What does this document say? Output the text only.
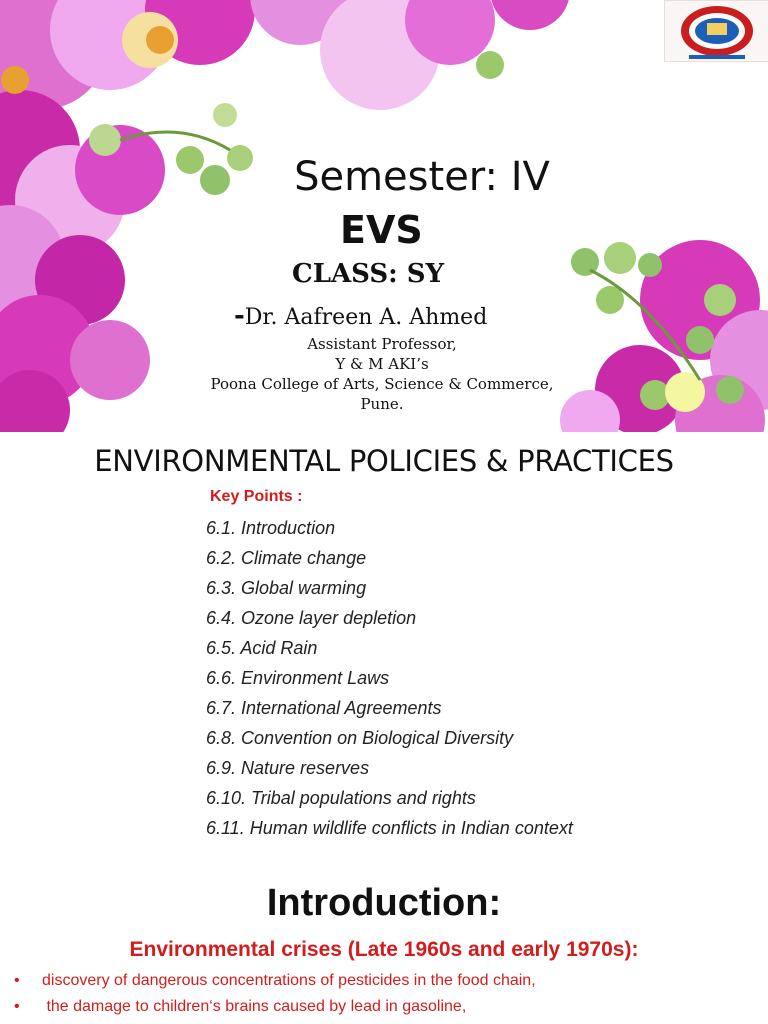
Semester: IV
EVS
CLASS: SY
-Dr. Aafreen A. Ahmed
Assistant Professor,
Y & M AKI’s
Poona College of Arts, Science & Commerce,
Pune.
ENVIRONMENTAL POLICIES & PRACTICES
Key Points :
6.1. Introduction
6.2. Climate change
6.3. Global warming
6.4. Ozone layer depletion
6.5. Acid Rain
6.6. Environment Laws
6.7. International Agreements
6.8. Convention on Biological Diversity
6.9. Nature reserves
6.10. Tribal populations and rights
6.11. Human wildlife conflicts in Indian context
Introduction:
Environmental crises (Late 1960s and early 1970s):
• discovery of dangerous concentrations of pesticides in the food chain,
• the damage to children‘s brains caused by lead in gasoline,
